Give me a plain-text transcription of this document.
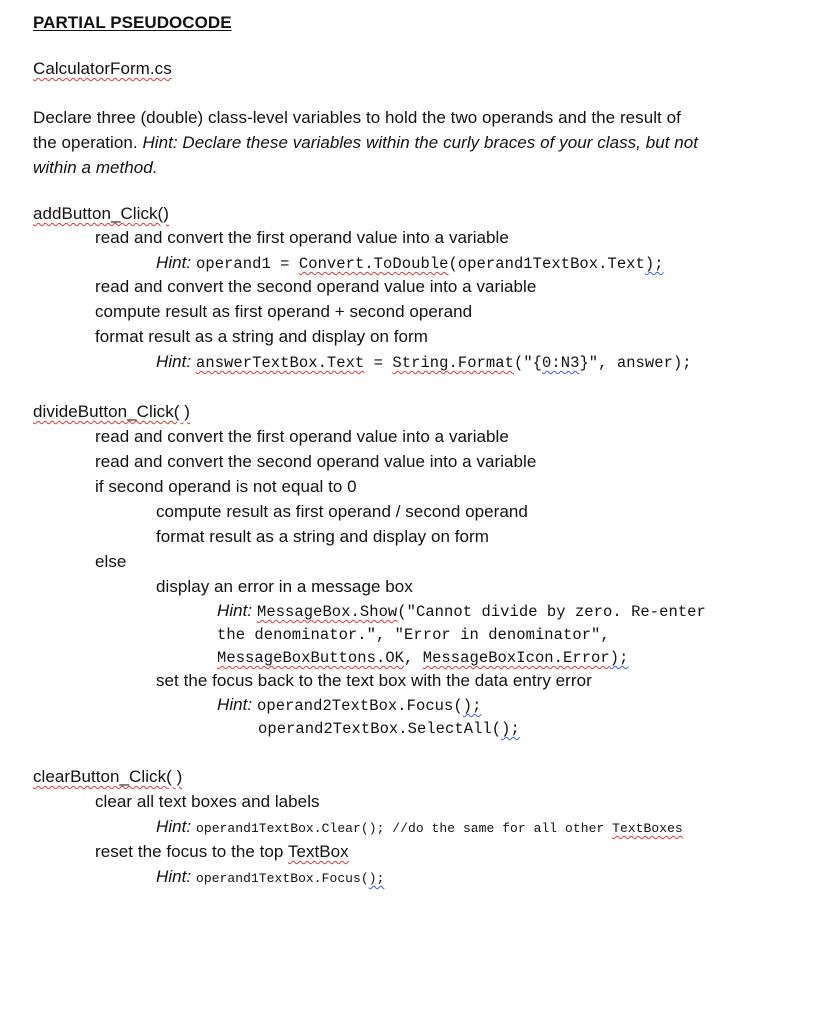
PARTIAL PSEUDOCODE
CalculatorForm.cs
Declare three (double) class-level variables to hold the two operands and the result of
the operation. Hint: Declare these variables within the curly braces of your class, but not
within a method.
addButton_Click()
read and convert the first operand value into a variable
Hint: operand1 = Convert.ToDouble(operand1TextBox.Text);
read and convert the second operand value into a variable
compute result as first operand + second operand
format result as a string and display on form
Hint: answerTextBox.Text = String.Format("{0:N3}", answer);
divideButton_Click( )
read and convert the first operand value into a variable
read and convert the second operand value into a variable
if second operand is not equal to 0
compute result as first operand / second operand
format result as a string and display on form
else
display an error in a message box
Hint: MessageBox.Show("Cannot divide by zero. Re-enter
the denominator.", "Error in denominator",
MessageBoxButtons.OK, MessageBoxIcon.Error);
set the focus back to the text box with the data entry error
Hint: operand2TextBox.Focus();
operand2TextBox.SelectAll();
clearButton_Click( )
clear all text boxes and labels
Hint: operand1TextBox.Clear(); //do the same for all other TextBoxes
reset the focus to the top TextBox
Hint: operand1TextBox.Focus();
